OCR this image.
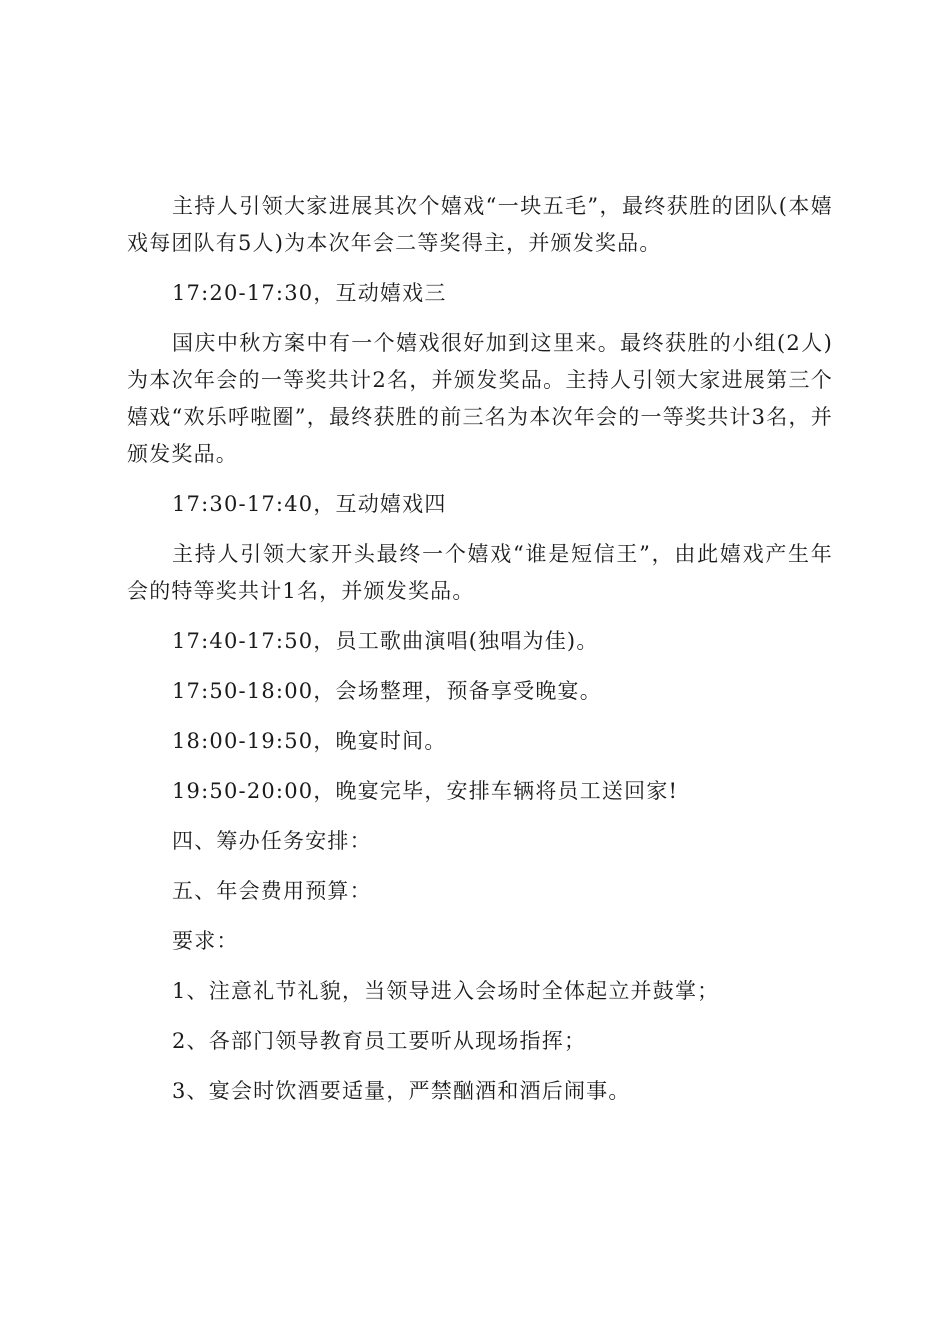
主持人引领大家进展其次个嬉戏“一块五毛”，最终获胜的团队(本嬉戏每团队有5人)为本次年会二等奖得主，并颁发奖品。

17:20-17:30，互动嬉戏三

国庆中秋方案中有一个嬉戏很好加到这里来。最终获胜的小组(2人)为本次年会的一等奖共计2名，并颁发奖品。主持人引领大家进展第三个嬉戏“欢乐呼啦圈”，最终获胜的前三名为本次年会的一等奖共计3名，并颁发奖品。

17:30-17:40，互动嬉戏四

主持人引领大家开头最终一个嬉戏“谁是短信王”，由此嬉戏产生年会的特等奖共计1名，并颁发奖品。

17:40-17:50，员工歌曲演唱(独唱为佳)。

17:50-18:00，会场整理，预备享受晚宴。

18:00-19:50，晚宴时间。

19:50-20:00，晚宴完毕，安排车辆将员工送回家!

四、筹办任务安排：

五、年会费用预算：

要求：

1、注意礼节礼貌，当领导进入会场时全体起立并鼓掌；

2、各部门领导教育员工要听从现场指挥；

3、宴会时饮酒要适量，严禁酗酒和酒后闹事。
